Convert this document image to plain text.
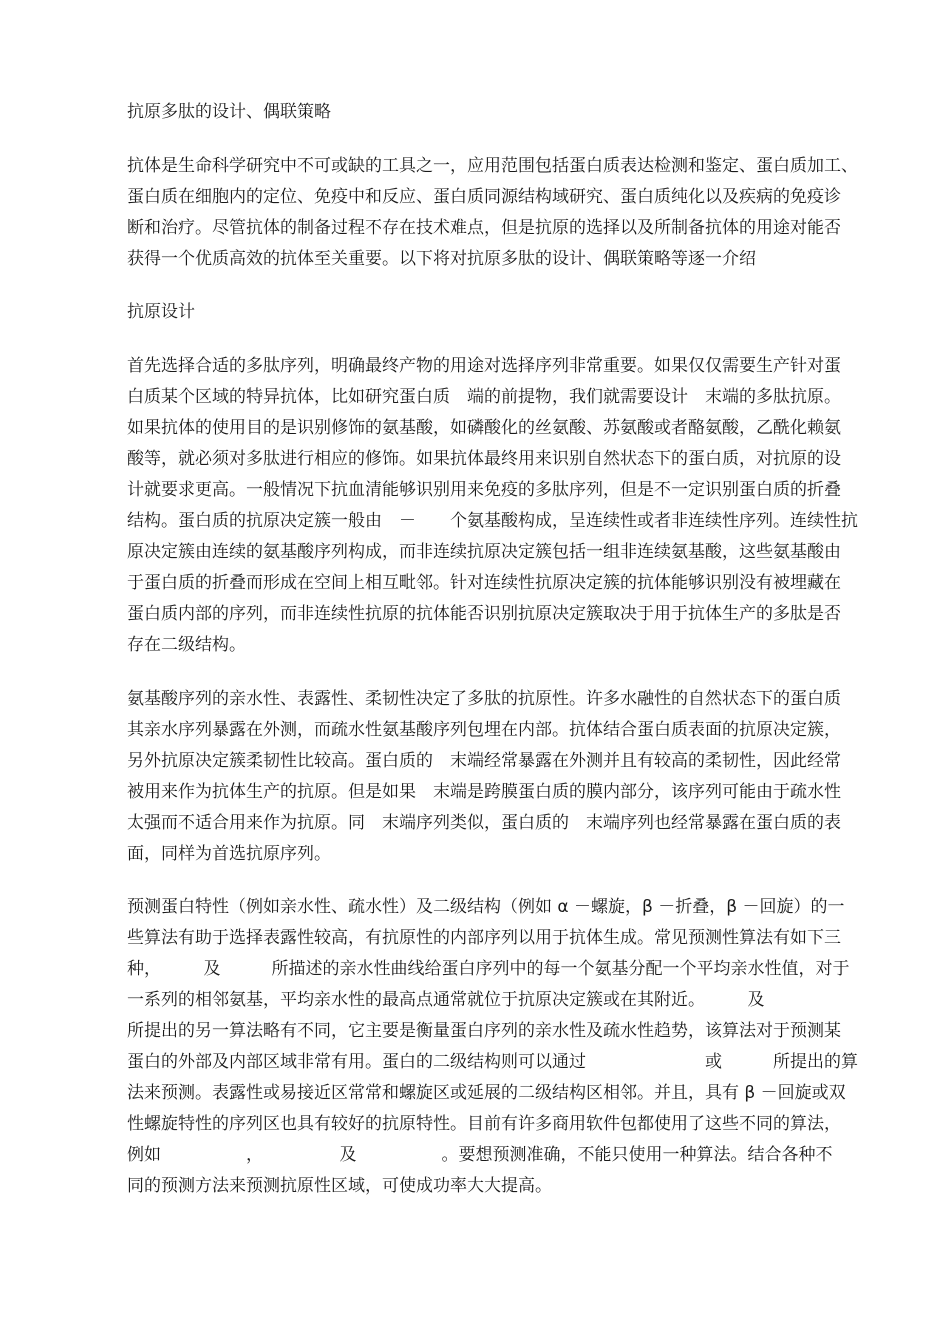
抗原多肽的设计、偶联策略
抗体是生命科学研究中不可或缺的工具之一，应用范围包括蛋白质表达检测和鉴定、蛋白质加工、
蛋白质在细胞内的定位、免疫中和反应、蛋白质同源结构域研究、蛋白质纯化以及疾病的免疫诊
断和治疗。尽管抗体的制备过程不存在技术难点，但是抗原的选择以及所制备抗体的用途对能否
获得一个优质高效的抗体至关重要。以下将对抗原多肽的设计、偶联策略等逐一介绍
抗原设计
首先选择合适的多肽序列，明确最终产物的用途对选择序列非常重要。如果仅仅需要生产针对蛋
白质某个区域的特异抗体，比如研究蛋白质　端的前提物，我们就需要设计　末端的多肽抗原。
如果抗体的使用目的是识别修饰的氨基酸，如磷酸化的丝氨酸、苏氨酸或者酪氨酸，乙酰化赖氨
酸等，就必须对多肽进行相应的修饰。如果抗体最终用来识别自然状态下的蛋白质，对抗原的设
计就要求更高。一般情况下抗血清能够识别用来免疫的多肽序列，但是不一定识别蛋白质的折叠
结构。蛋白质的抗原决定簇一般由　－　　个氨基酸构成，呈连续性或者非连续性序列。连续性抗
原决定簇由连续的氨基酸序列构成，而非连续抗原决定簇包括一组非连续氨基酸，这些氨基酸由
于蛋白质的折叠而形成在空间上相互毗邻。针对连续性抗原决定簇的抗体能够识别没有被埋藏在
蛋白质内部的序列，而非连续性抗原的抗体能否识别抗原决定簇取决于用于抗体生产的多肽是否
存在二级结构。
氨基酸序列的亲水性、表露性、柔韧性决定了多肽的抗原性。许多水融性的自然状态下的蛋白质
其亲水序列暴露在外测，而疏水性氨基酸序列包埋在内部。抗体结合蛋白质表面的抗原决定簇，
另外抗原决定簇柔韧性比较高。蛋白质的　末端经常暴露在外测并且有较高的柔韧性，因此经常
被用来作为抗体生产的抗原。但是如果　末端是跨膜蛋白质的膜内部分，该序列可能由于疏水性
太强而不适合用来作为抗原。同　末端序列类似，蛋白质的　末端序列也经常暴露在蛋白质的表
面，同样为首选抗原序列。
预测蛋白特性（例如亲水性、疏水性）及二级结构（例如 α －螺旋，β －折叠，β －回旋）的一
些算法有助于选择表露性较高，有抗原性的内部序列以用于抗体生成。常见预测性算法有如下三
种，　　　及　　　所描述的亲水性曲线给蛋白序列中的每一个氨基分配一个平均亲水性值，对于
一系列的相邻氨基，平均亲水性的最高点通常就位于抗原决定簇或在其附近。　　　及
所提出的另一算法略有不同，它主要是衡量蛋白序列的亲水性及疏水性趋势，该算法对于预测某
蛋白的外部及内部区域非常有用。蛋白的二级结构则可以通过　　　　　　　或　　　所提出的算
法来预测。表露性或易接近区常常和螺旋区或延展的二级结构区相邻。并且，具有 β －回旋或双
性螺旋特性的序列区也具有较好的抗原特性。目前有许多商用软件包都使用了这些不同的算法，
例如　　　　　，　　　　　及　　　　　。要想预测准确，不能只使用一种算法。结合各种不
同的预测方法来预测抗原性区域，可使成功率大大提高。
